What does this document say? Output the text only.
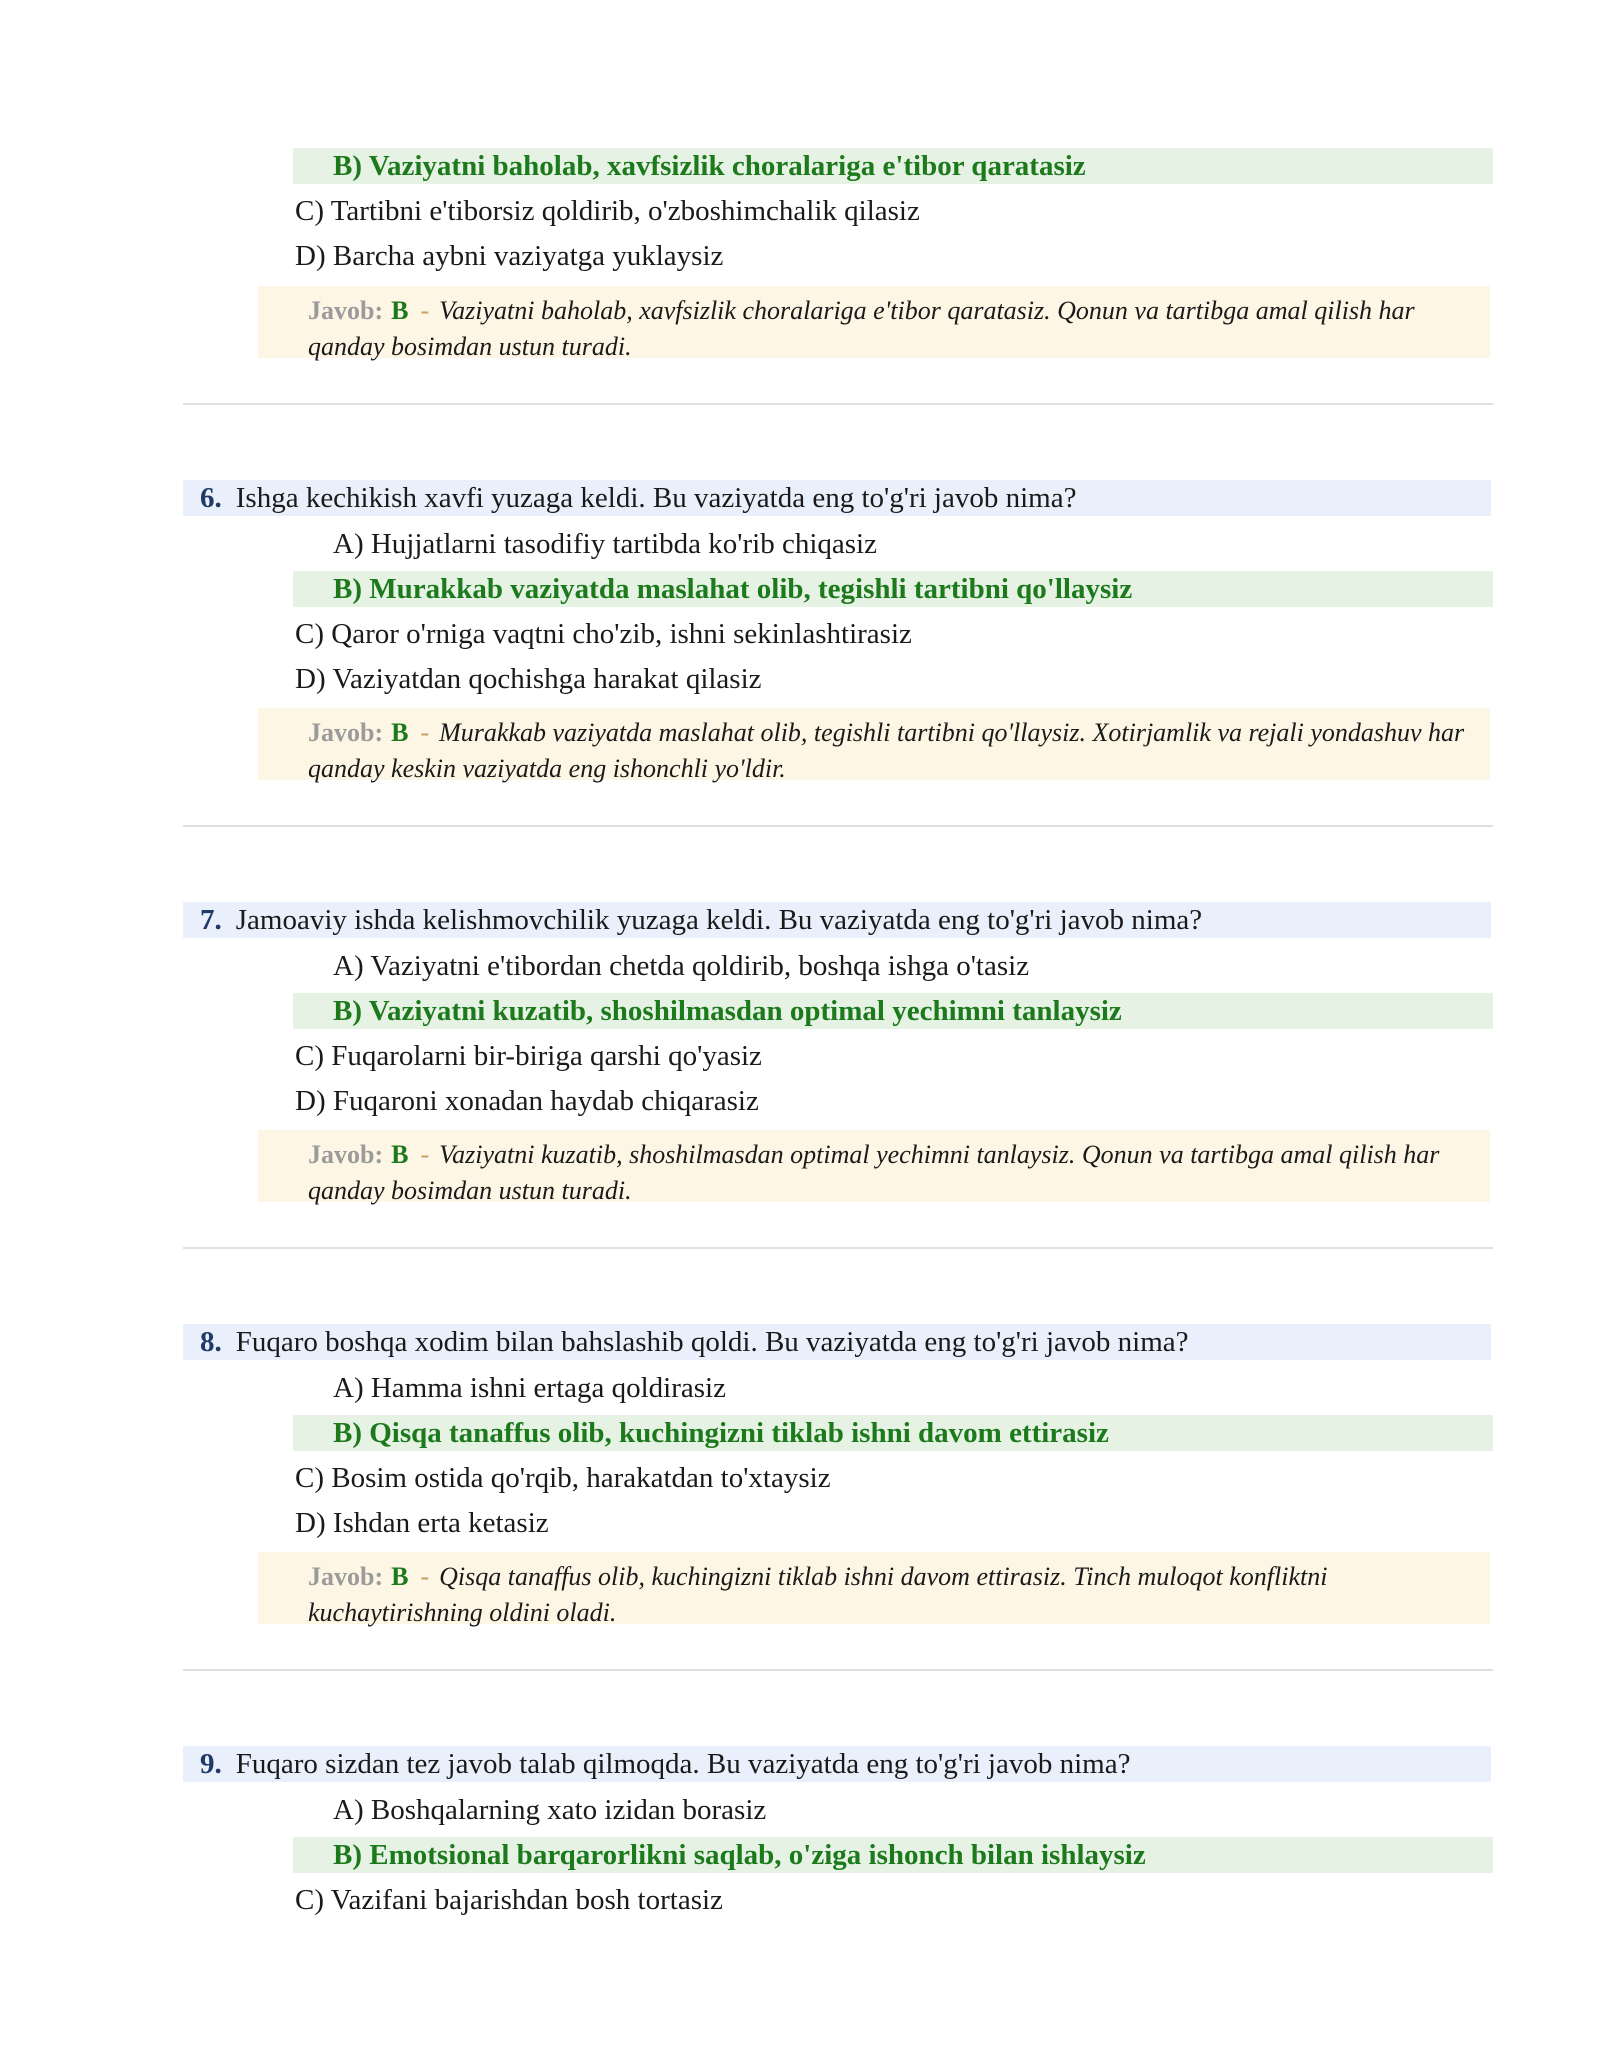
B) Vaziyatni baholab, xavfsizlik choralariga e'tibor qaratasiz
C) Tartibni e'tiborsiz qoldirib, o'zboshimchalik qilasiz
D) Barcha aybni vaziyatga yuklaysiz
Javob: B - Vaziyatni baholab, xavfsizlik choralariga e'tibor qaratasiz. Qonun va tartibga amal qilish har qanday bosimdan ustun turadi.
6. Ishga kechikish xavfi yuzaga keldi. Bu vaziyatda eng to'g'ri javob nima?
A) Hujjatlarni tasodifiy tartibda ko'rib chiqasiz
B) Murakkab vaziyatda maslahat olib, tegishli tartibni qo'llaysiz
C) Qaror o'rniga vaqtni cho'zib, ishni sekinlashtirasiz
D) Vaziyatdan qochishga harakat qilasiz
Javob: B - Murakkab vaziyatda maslahat olib, tegishli tartibni qo'llaysiz. Xotirjamlik va rejali yondashuv har qanday keskin vaziyatda eng ishonchli yo'ldir.
7. Jamoaviy ishda kelishmovchilik yuzaga keldi. Bu vaziyatda eng to'g'ri javob nima?
A) Vaziyatni e'tibordan chetda qoldirib, boshqa ishga o'tasiz
B) Vaziyatni kuzatib, shoshilmasdan optimal yechimni tanlaysiz
C) Fuqarolarni bir-biriga qarshi qo'yasiz
D) Fuqaroni xonadan haydab chiqarasiz
Javob: B - Vaziyatni kuzatib, shoshilmasdan optimal yechimni tanlaysiz. Qonun va tartibga amal qilish har qanday bosimdan ustun turadi.
8. Fuqaro boshqa xodim bilan bahslashib qoldi. Bu vaziyatda eng to'g'ri javob nima?
A) Hamma ishni ertaga qoldirasiz
B) Qisqa tanaffus olib, kuchingizni tiklab ishni davom ettirasiz
C) Bosim ostida qo'rqib, harakatdan to'xtaysiz
D) Ishdan erta ketasiz
Javob: B - Qisqa tanaffus olib, kuchingizni tiklab ishni davom ettirasiz. Tinch muloqot konfliktni kuchaytirishning oldini oladi.
9. Fuqaro sizdan tez javob talab qilmoqda. Bu vaziyatda eng to'g'ri javob nima?
A) Boshqalarning xato izidan borasiz
B) Emotsional barqarorlikni saqlab, o'ziga ishonch bilan ishlaysiz
C) Vazifani bajarishdan bosh tortasiz
